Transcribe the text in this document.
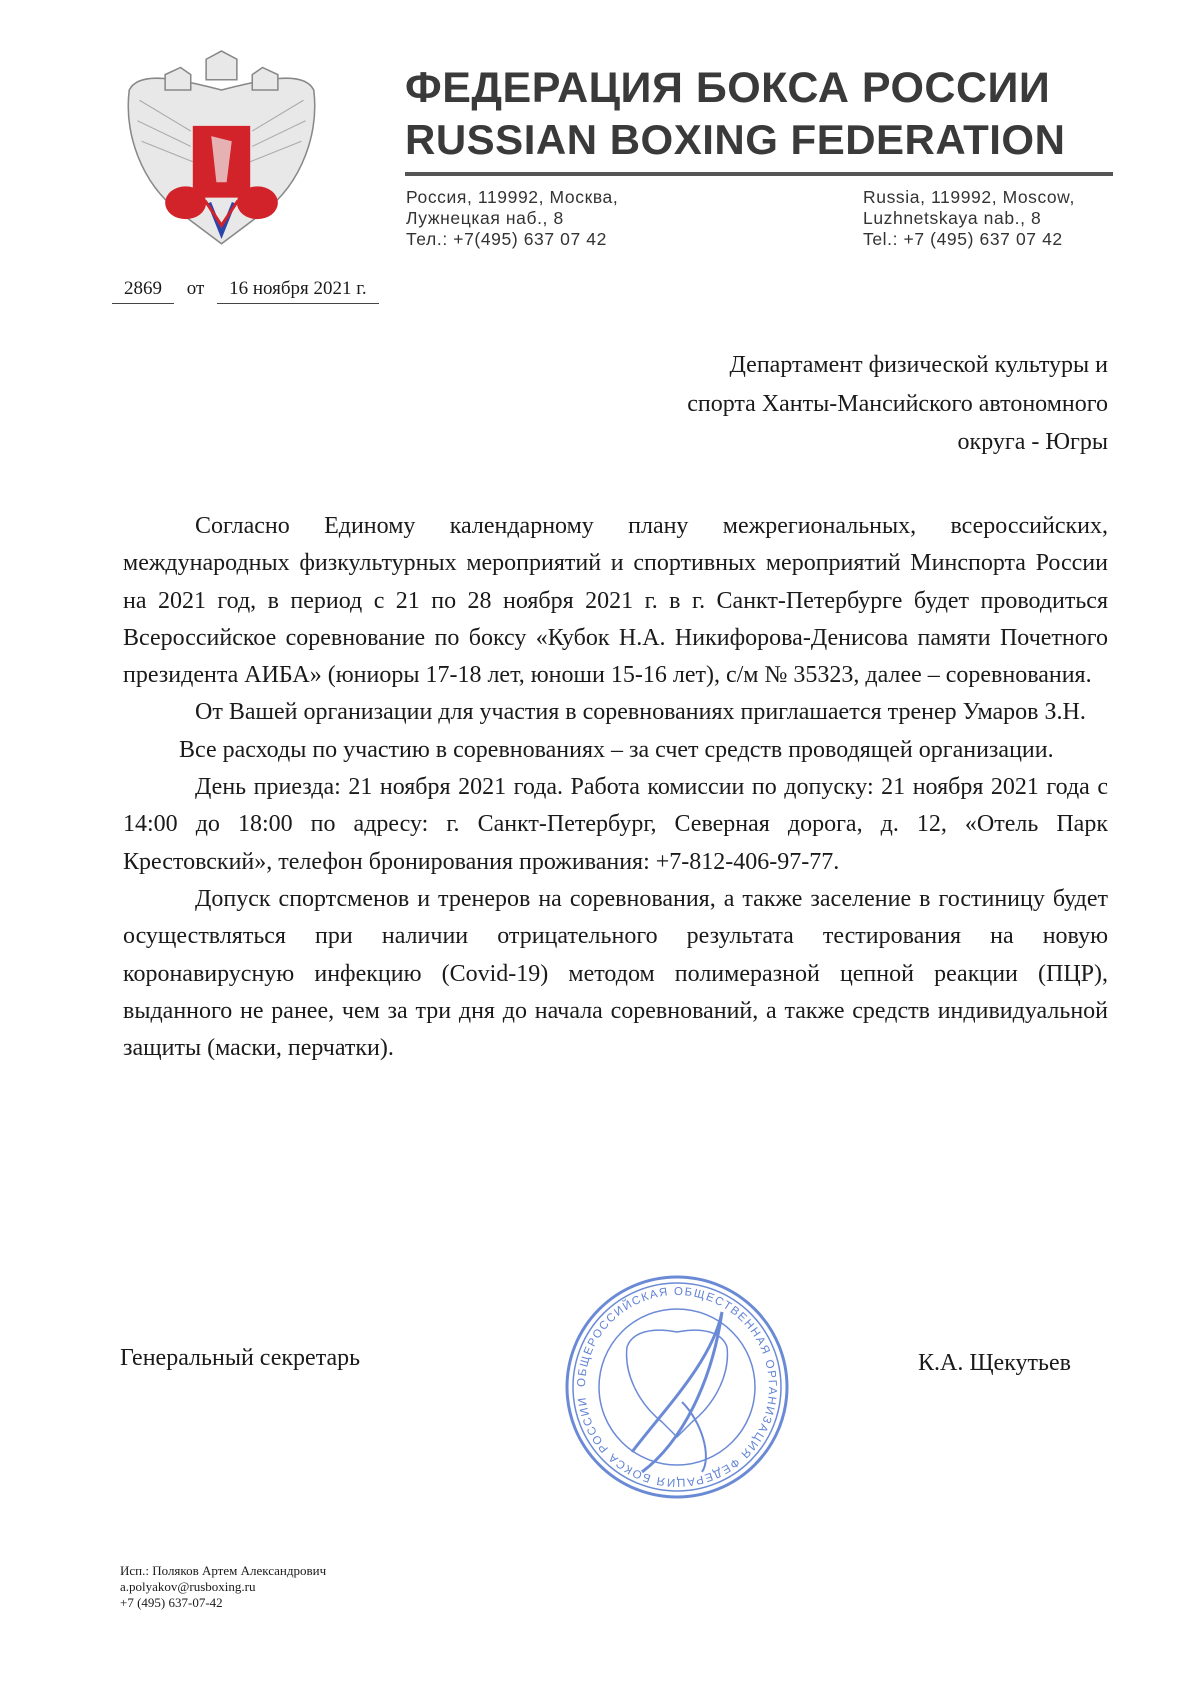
ФЕДЕРАЦИЯ БОКСА РОССИИ
RUSSIAN BOXING FEDERATION
Россия, 119992, Москва,
Лужнецкая наб., 8
Тел.: +7(495) 637 07 42
Russia, 119992, Moscow,
Luzhnetskaya nab., 8
Tel.: +7 (495) 637 07 42
2869 от 16 ноября 2021 г.
Департамент физической культуры и
спорта Ханты-Мансийского автономного
округа - Югры

Согласно Единому календарному плану межрегиональных, всероссийских, международных физкультурных мероприятий и спортивных мероприятий Минспорта России на 2021 год, в период с 21 по 28 ноября 2021 г. в г. Санкт-Петербурге будет проводиться Всероссийское соревнование по боксу «Кубок Н.А. Никифорова-Денисова памяти Почетного президента АИБА» (юниоры 17-18 лет, юноши 15-16 лет), с/м № 35323, далее – соревнования.

От Вашей организации для участия в соревнованиях приглашается тренер Умаров З.Н.

Все расходы по участию в соревнованиях – за счет средств проводящей организации.

День приезда: 21 ноября 2021 года. Работа комиссии по допуску: 21 ноября 2021 года с 14:00 до 18:00 по адресу: г. Санкт-Петербург, Северная дорога, д. 12, «Отель Парк Крестовский», телефон бронирования проживания: +7-812-406-97-77.

Допуск спортсменов и тренеров на соревнования, а также заселение в гостиницу будет осуществляться при наличии отрицательного результата тестирования на новую коронавирусную инфекцию (Covid-19) методом полимеразной цепной реакции (ПЦР), выданного не ранее, чем за три дня до начала соревнований, а также средств индивидуальной защиты (маски, перчатки).

Генеральный секретарь
ОБЩЕРОССИЙСКАЯ ОБЩЕСТВЕННАЯ ОРГАНИЗАЦИЯ ФЕДЕРАЦИЯ БОКСА РОССИИ
К.А. Щекутьев
Исп.: Поляков Артем Александрович
a.polyakov@rusboxing.ru
+7 (495) 637-07-42
